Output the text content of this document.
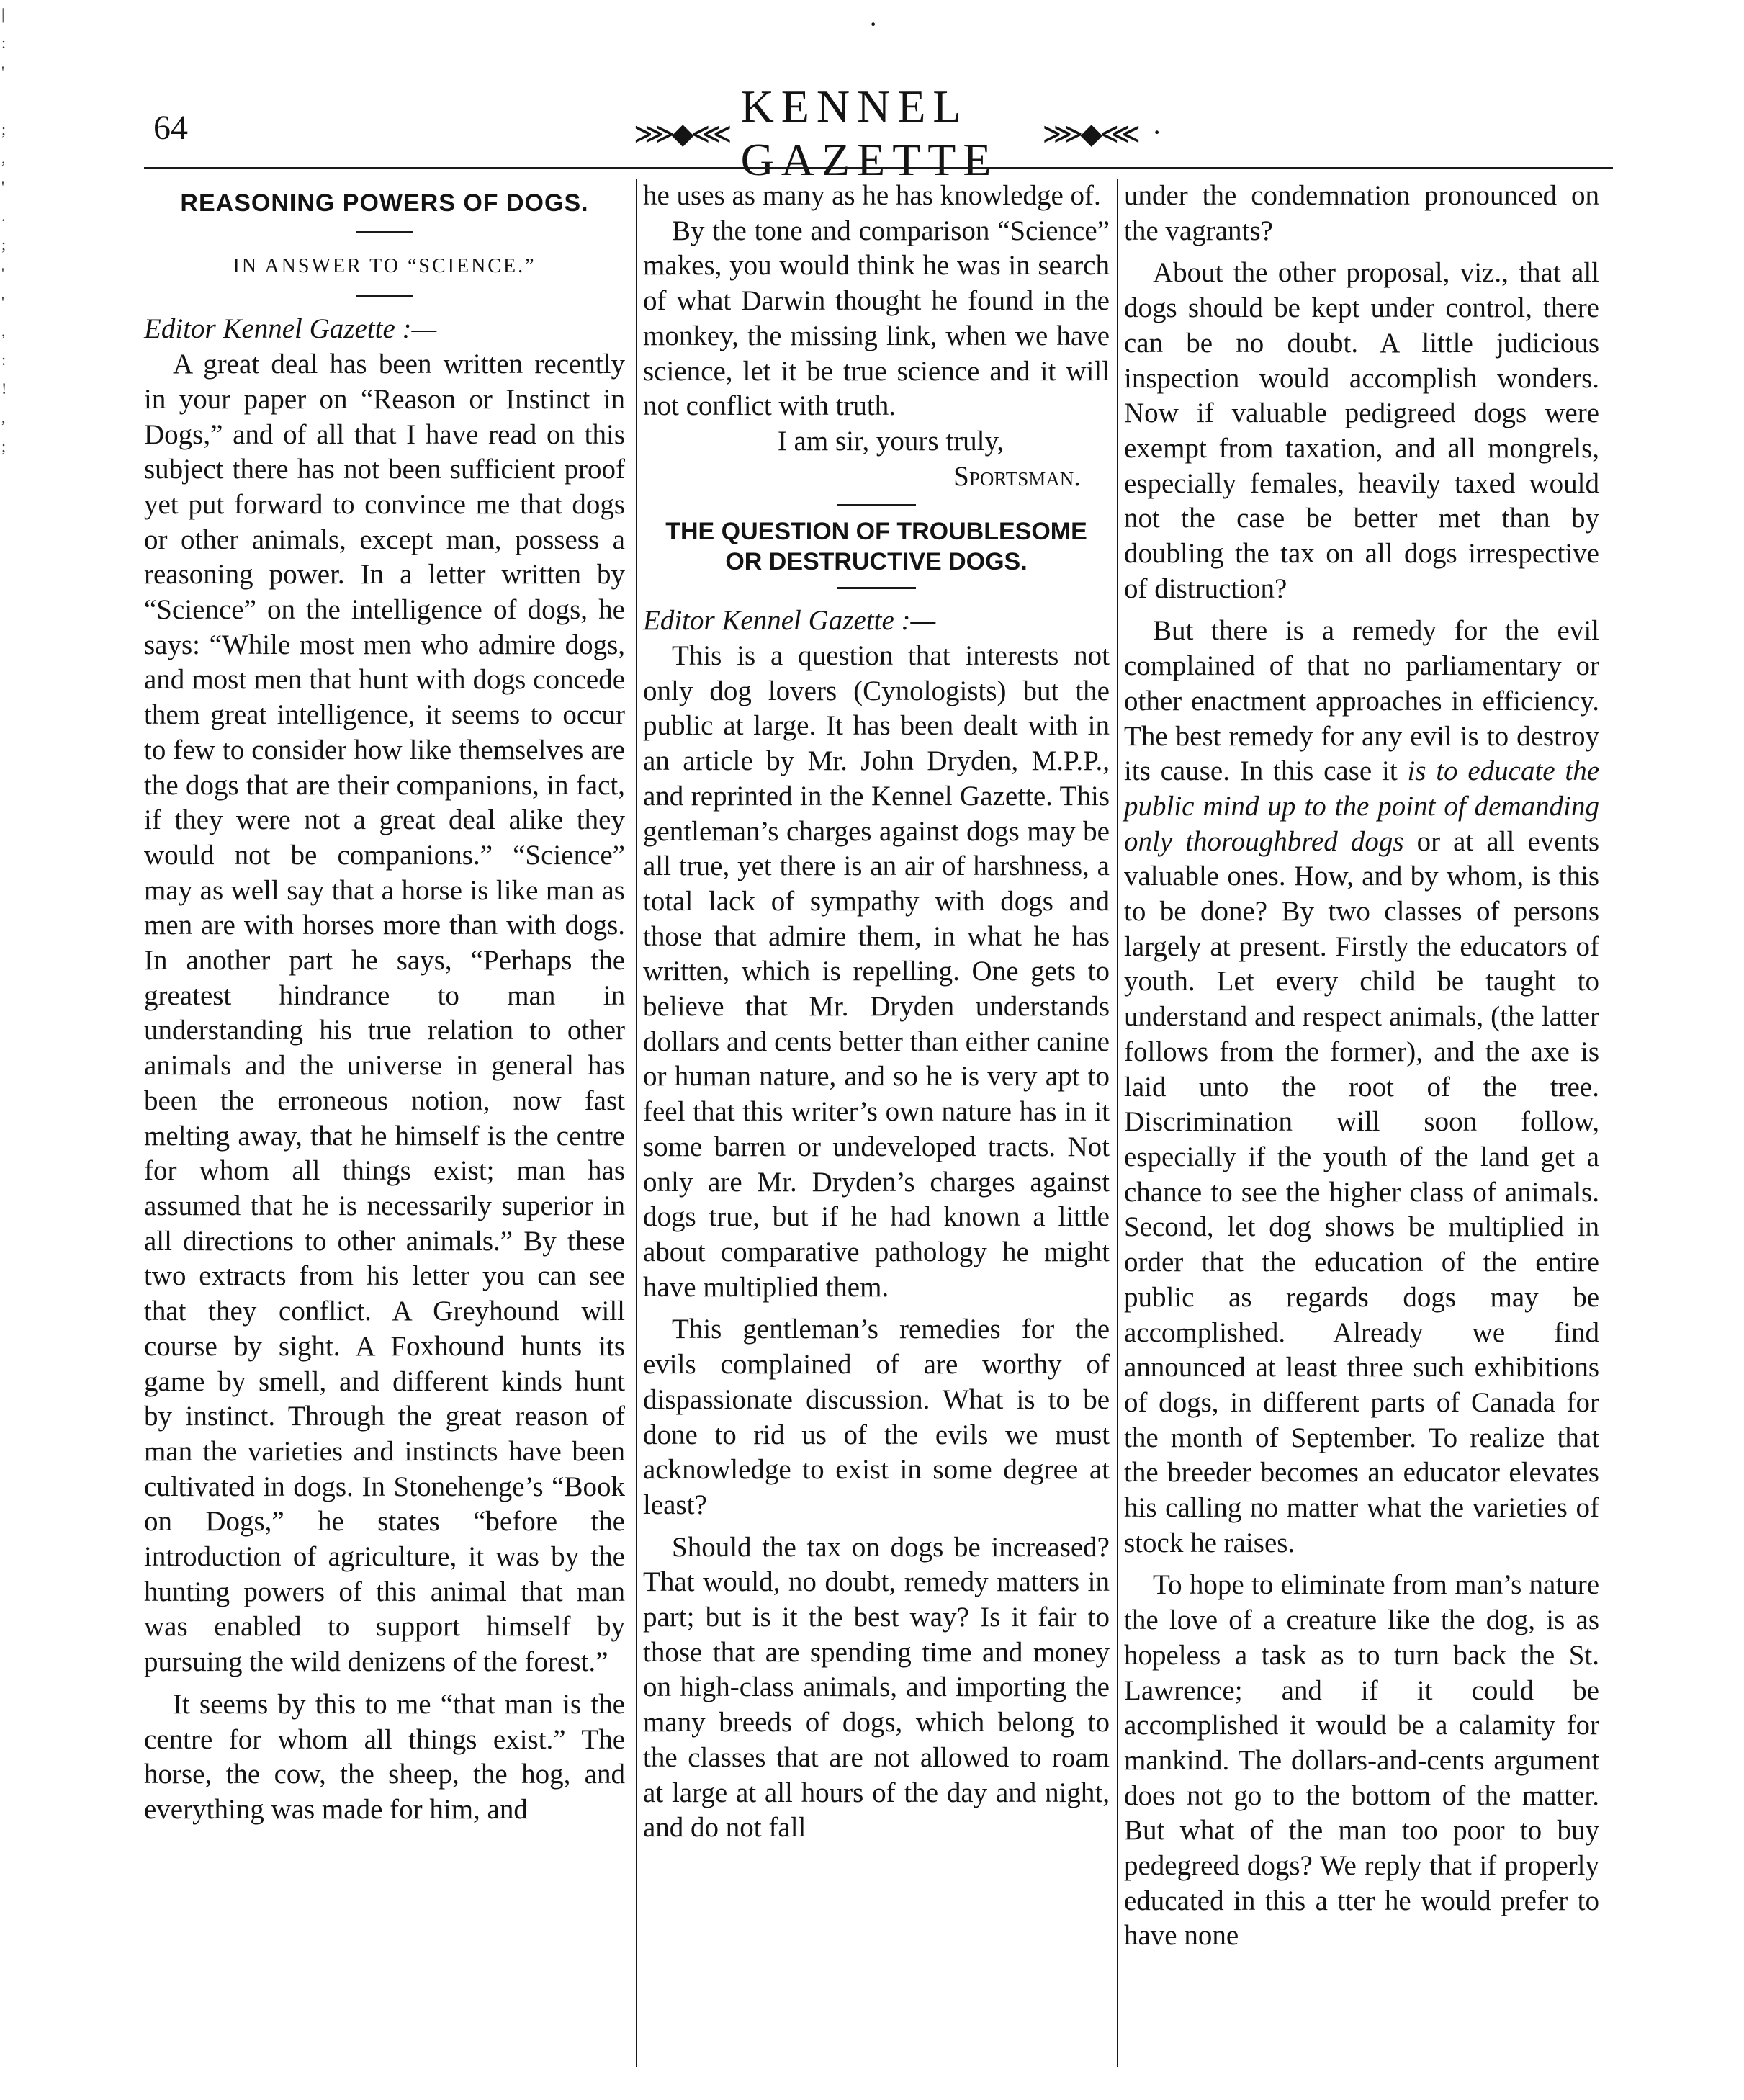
·
|
:
'

;
,
'
.
;
'
'
,
:
!
,
;
64	⋙◆⋘
KENNEL GAZETTE
⋙◆⋘ ·
REASONING POWERS OF DOGS.
IN ANSWER TO “SCIENCE.”

Editor Kennel Gazette :—

A great deal has been written recently in your paper on “Reason or Instinct in Dogs,” and of all that I have read on this subject there has not been sufficient proof yet put forward to convince me that dogs or other animals, except man, possess a reasoning power. In a letter written by “Science” on the intelligence of dogs, he says: “While most men who admire dogs, and most men that hunt with dogs concede them great intelligence, it seems to occur to few to consider how like themselves are the dogs that are their companions, in fact, if they were not a great deal alike they would not be companions.” “Science” may as well say that a horse is like man as men are with horses more than with dogs. In another part he says, “Perhaps the greatest hindrance to man in understanding his true relation to other animals and the universe in general has been the erroneous notion, now fast melting away, that he himself is the centre for whom all things exist; man has assumed that he is necessarily superior in all directions to other animals.” By these two extracts from his letter you can see that they conflict. A Greyhound will course by sight. A Foxhound hunts its game by smell, and different kinds hunt by instinct. Through the great reason of man the varieties and instincts have been cultivated in dogs. In Stonehenge’s “Book on Dogs,” he states “before the introduction of agriculture, it was by the hunting powers of this animal that man was enabled to support himself by pursuing the wild denizens of the forest.”

It seems by this to me “that man is the centre for whom all things exist.” The horse, the cow, the sheep, the hog, and everything was made for him, and

he uses as many as he has knowledge of.

By the tone and comparison “Science” makes, you would think he was in search of what Darwin thought he found in the monkey, the missing link, when we have science, let it be true science and it will not conflict with truth.

I am sir, yours truly,

Sportsman.

THE QUESTION OF TROUBLESOME
OR DESTRUCTIVE DOGS.

Editor Kennel Gazette :—

This is a question that interests not only dog lovers (Cynologists) but the public at large. It has been dealt with in an article by Mr. John Dryden, M.P.P., and reprinted in the Kennel Gazette. This gentleman’s charges against dogs may be all true, yet there is an air of harshness, a total lack of sympathy with dogs and those that admire them, in what he has written, which is repelling. One gets to believe that Mr. Dryden understands dollars and cents better than either canine or human nature, and so he is very apt to feel that this writer’s own nature has in it some barren or undeveloped tracts. Not only are Mr. Dryden’s charges against dogs true, but if he had known a little about comparative pathology he might have multiplied them.

This gentleman’s remedies for the evils complained of are worthy of dispassionate discussion. What is to be done to rid us of the evils we must acknowledge to exist in some degree at least?

Should the tax on dogs be increased? That would, no doubt, remedy matters in part; but is it the best way? Is it fair to those that are spending time and money on high-class animals, and importing the many breeds of dogs, which belong to the classes that are not allowed to roam at large at all hours of the day and night, and do not fall

under the condemnation pronounced on the vagrants?

About the other proposal, viz., that all dogs should be kept under control, there can be no doubt. A little judicious inspection would accomplish wonders. Now if valuable pedigreed dogs were exempt from taxation, and all mongrels, especially females, heavily taxed would not the case be better met than by doubling the tax on all dogs irrespective of distruction?

But there is a remedy for the evil complained of that no parliamentary or other enactment approaches in efficiency. The best remedy for any evil is to destroy its cause. In this case it is to educate the public mind up to the point of demanding only thoroughbred dogs or at all events valuable ones. How, and by whom, is this to be done? By two classes of persons largely at present. Firstly the educators of youth. Let every child be taught to understand and respect animals, (the latter follows from the former), and the axe is laid unto the root of the tree. Discrimination will soon follow, especially if the youth of the land get a chance to see the higher class of animals. Second, let dog shows be multiplied in order that the education of the entire public as regards dogs may be accomplished. Already we find announced at least three such exhibitions of dogs, in different parts of Canada for the month of September. To realize that the breeder becomes an educator elevates his calling no matter what the varieties of stock he raises.

To hope to eliminate from man’s nature the love of a creature like the dog, is as hopeless a task as to turn back the St. Lawrence; and if it could be accomplished it would be a calamity for mankind. The dollars-and-cents argument does not go to the bottom of the matter. But what of the man too poor to buy pedegreed dogs? We reply that if properly educated in this a tter he would prefer to have none
